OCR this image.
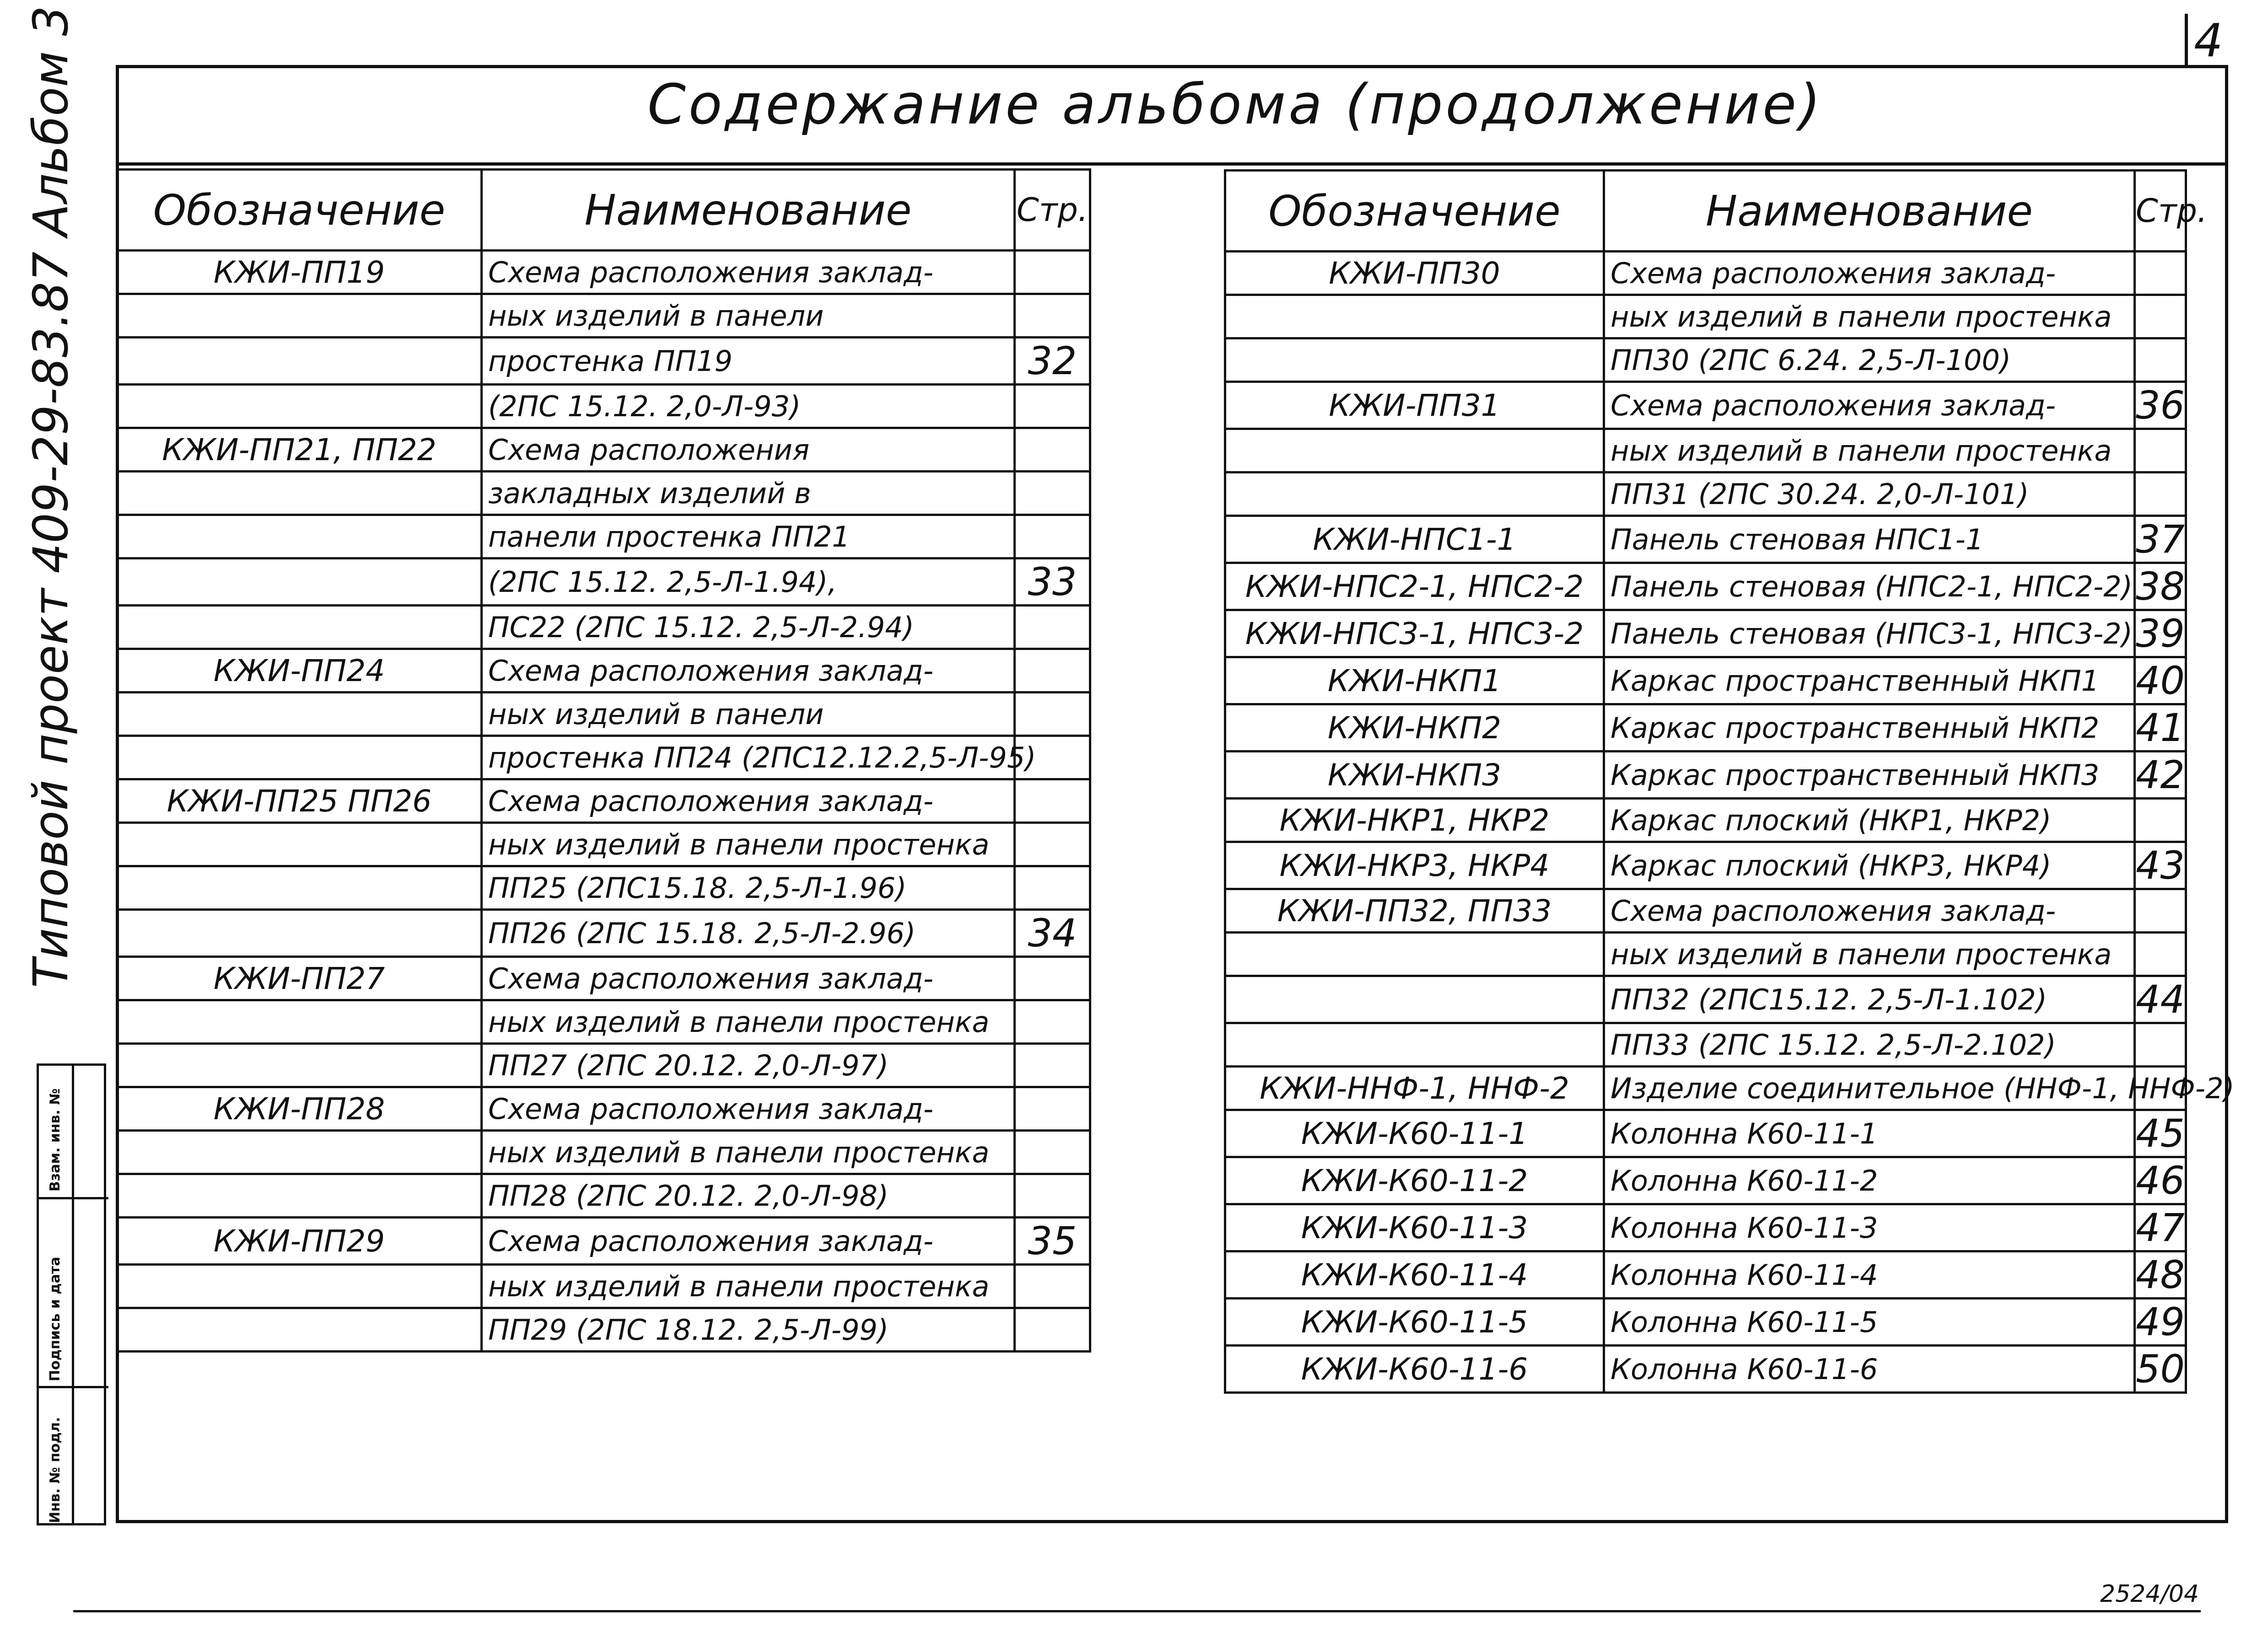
4
Содержание альбома (продолжение)
Типовой проект 409-29-83.87 Альбом 3
Инв. № подл.
Подпись и дата
Взам. инв. №
Обозначение	Наименование	Стр.
КЖИ-ПП19	Схема расположения заклад-	
	ных изделий в панели	
	простенка ПП19	32
	(2ПС 15.12. 2,0-Л-93)	
КЖИ-ПП21, ПП22	Схема расположения	
	закладных изделий в	
	панели простенка ПП21	
	(2ПС 15.12. 2,5-Л-1.94),	33
	ПС22 (2ПС 15.12. 2,5-Л-2.94)	
КЖИ-ПП24	Схема расположения заклад-	
	ных изделий в панели	
	простенка ПП24 (2ПС12.12.2,5-Л-95)	
КЖИ-ПП25 ПП26	Схема расположения заклад-	
	ных изделий в панели простенка	
	ПП25 (2ПС15.18. 2,5-Л-1.96)	
	ПП26 (2ПС 15.18. 2,5-Л-2.96)	34
КЖИ-ПП27	Схема расположения заклад-	
	ных изделий в панели простенка	
	ПП27 (2ПС 20.12. 2,0-Л-97)	
КЖИ-ПП28	Схема расположения заклад-	
	ных изделий в панели простенка	
	ПП28 (2ПС 20.12. 2,0-Л-98)	
КЖИ-ПП29	Схема расположения заклад-	35
	ных изделий в панели простенка	
	ПП29 (2ПС 18.12. 2,5-Л-99)	
Обозначение	Наименование	Стр.
КЖИ-ПП30	Схема расположения заклад-	
	ных изделий в панели простенка	
	ПП30 (2ПС 6.24. 2,5-Л-100)	
КЖИ-ПП31	Схема расположения заклад-	36
	ных изделий в панели простенка	
	ПП31 (2ПС 30.24. 2,0-Л-101)	
КЖИ-НПС1-1	Панель стеновая НПС1-1	37
КЖИ-НПС2-1, НПС2-2	Панель стеновая (НПС2-1, НПС2-2)	38
КЖИ-НПС3-1, НПС3-2	Панель стеновая (НПС3-1, НПС3-2)	39
КЖИ-НКП1	Каркас пространственный НКП1	40
КЖИ-НКП2	Каркас пространственный НКП2	41
КЖИ-НКП3	Каркас пространственный НКП3	42
КЖИ-НКР1, НКР2	Каркас плоский (НКР1, НКР2)	
КЖИ-НКР3, НКР4	Каркас плоский (НКР3, НКР4)	43
КЖИ-ПП32, ПП33	Схема расположения заклад-	
	ных изделий в панели простенка	
	ПП32 (2ПС15.12. 2,5-Л-1.102)	44
	ПП33 (2ПС 15.12. 2,5-Л-2.102)	
КЖИ-ННФ-1, ННФ-2	Изделие соединительное (ННФ-1, ННФ-2)	
КЖИ-К60-11-1	Колонна К60-11-1	45
КЖИ-К60-11-2	Колонна К60-11-2	46
КЖИ-К60-11-3	Колонна К60-11-3	47
КЖИ-К60-11-4	Колонна К60-11-4	48
КЖИ-К60-11-5	Колонна К60-11-5	49
КЖИ-К60-11-6	Колонна К60-11-6	50
2524/04
